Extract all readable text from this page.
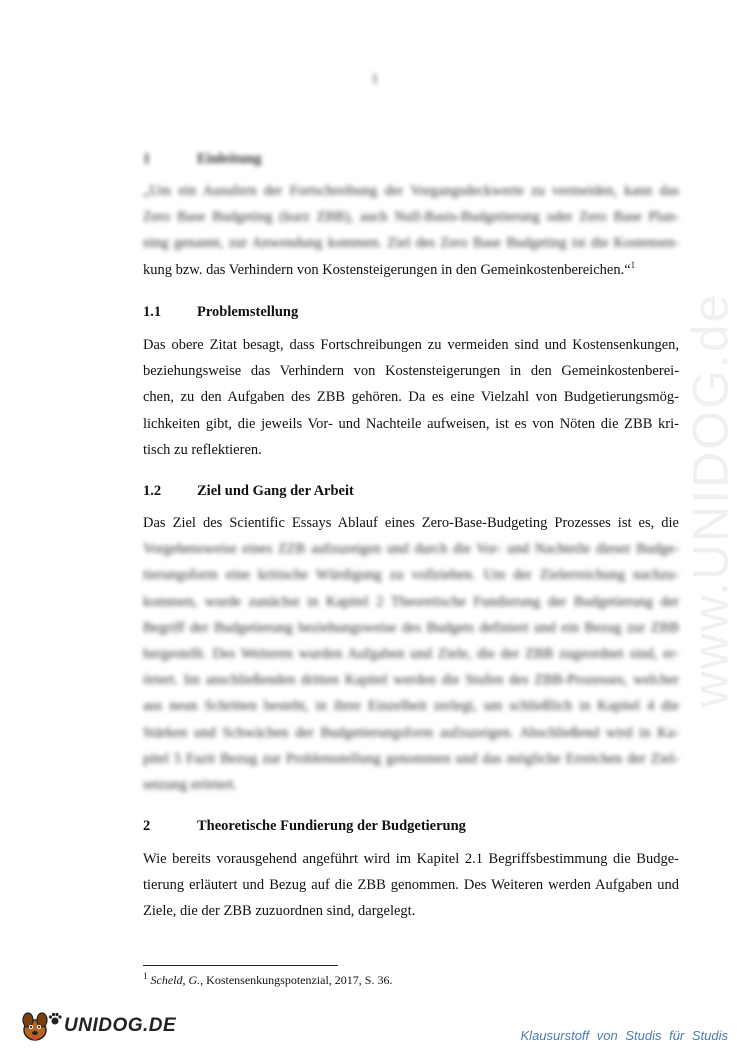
1
www.UNIDOG.de
1	Einleitung
„Um ein Ausufern der Fortschreibung der Vorgangsdeckwerte zu vermeiden, kann das
Zero Base Budgeting (kurz ZBB), auch Null-Basis-Budgetierung oder Zero Base Plan-
ning genannt, zur Anwendung kommen. Ziel des Zero Base Budgeting ist die Kostensen-
kung bzw. das Verhindern von Kostensteigerungen in den Gemeinkostenbereichen.“$^1$
1.1	Problemstellung
Das obere Zitat besagt, dass Fortschreibungen zu vermeiden sind und Kostensenkungen,
beziehungsweise das Verhindern von Kostensteigerungen in den Gemeinkostenberei-
chen, zu den Aufgaben des ZBB gehören. Da es eine Vielzahl von Budgetierungsmög-
lichkeiten gibt, die jeweils Vor- und Nachteile aufweisen, ist es von Nöten die ZBB kri-
tisch zu reflektieren.
1.2	Ziel und Gang der Arbeit
Das Ziel des Scientific Essays Ablauf eines Zero-Base-Budgeting Prozesses ist es, die
Vorgehensweise eines ZZB aufzuzeigen und durch die Vor- und Nachteile dieser Budge-
tierungsform eine kritische Würdigung zu vollziehen. Um der Zielerreichung nachzu-
kommen, wurde zunächst in Kapitel 2 Theoretische Fundierung der Budgetierung der
Begriff der Budgetierung beziehungsweise des Budgets definiert und ein Bezug zur ZBB
hergestellt. Des Weiteren wurden Aufgaben und Ziele, die der ZBB zugeordnet sind, er-
örtert. Im anschließenden dritten Kapitel werden die Stufen des ZBB-Prozesses, welcher
aus neun Schritten besteht, in ihrer Einzelheit zerlegt, um schließlich in Kapitel 4 die
Stärken und Schwächen der Budgetierungsform aufzuzeigen. Abschließend wird in Ka-
pitel 5 Fazit Bezug zur Problemstellung genommen und das mögliche Erreichen der Ziel-
setzung erörtert.
2	Theoretische Fundierung der Budgetierung
Wie bereits vorausgehend angeführt wird im Kapitel 2.1 Begriffsbestimmung die Budge-
tierung erläutert und Bezug auf die ZBB genommen. Des Weiteren werden Aufgaben und
Ziele, die der ZBB zuzuordnen sind, dargelegt.
$^1$ Scheld, G., Kostensenkungspotenzial, 2017, S. 36.
UNIDOG.DE	Klausurstoff von Studis für Studis
